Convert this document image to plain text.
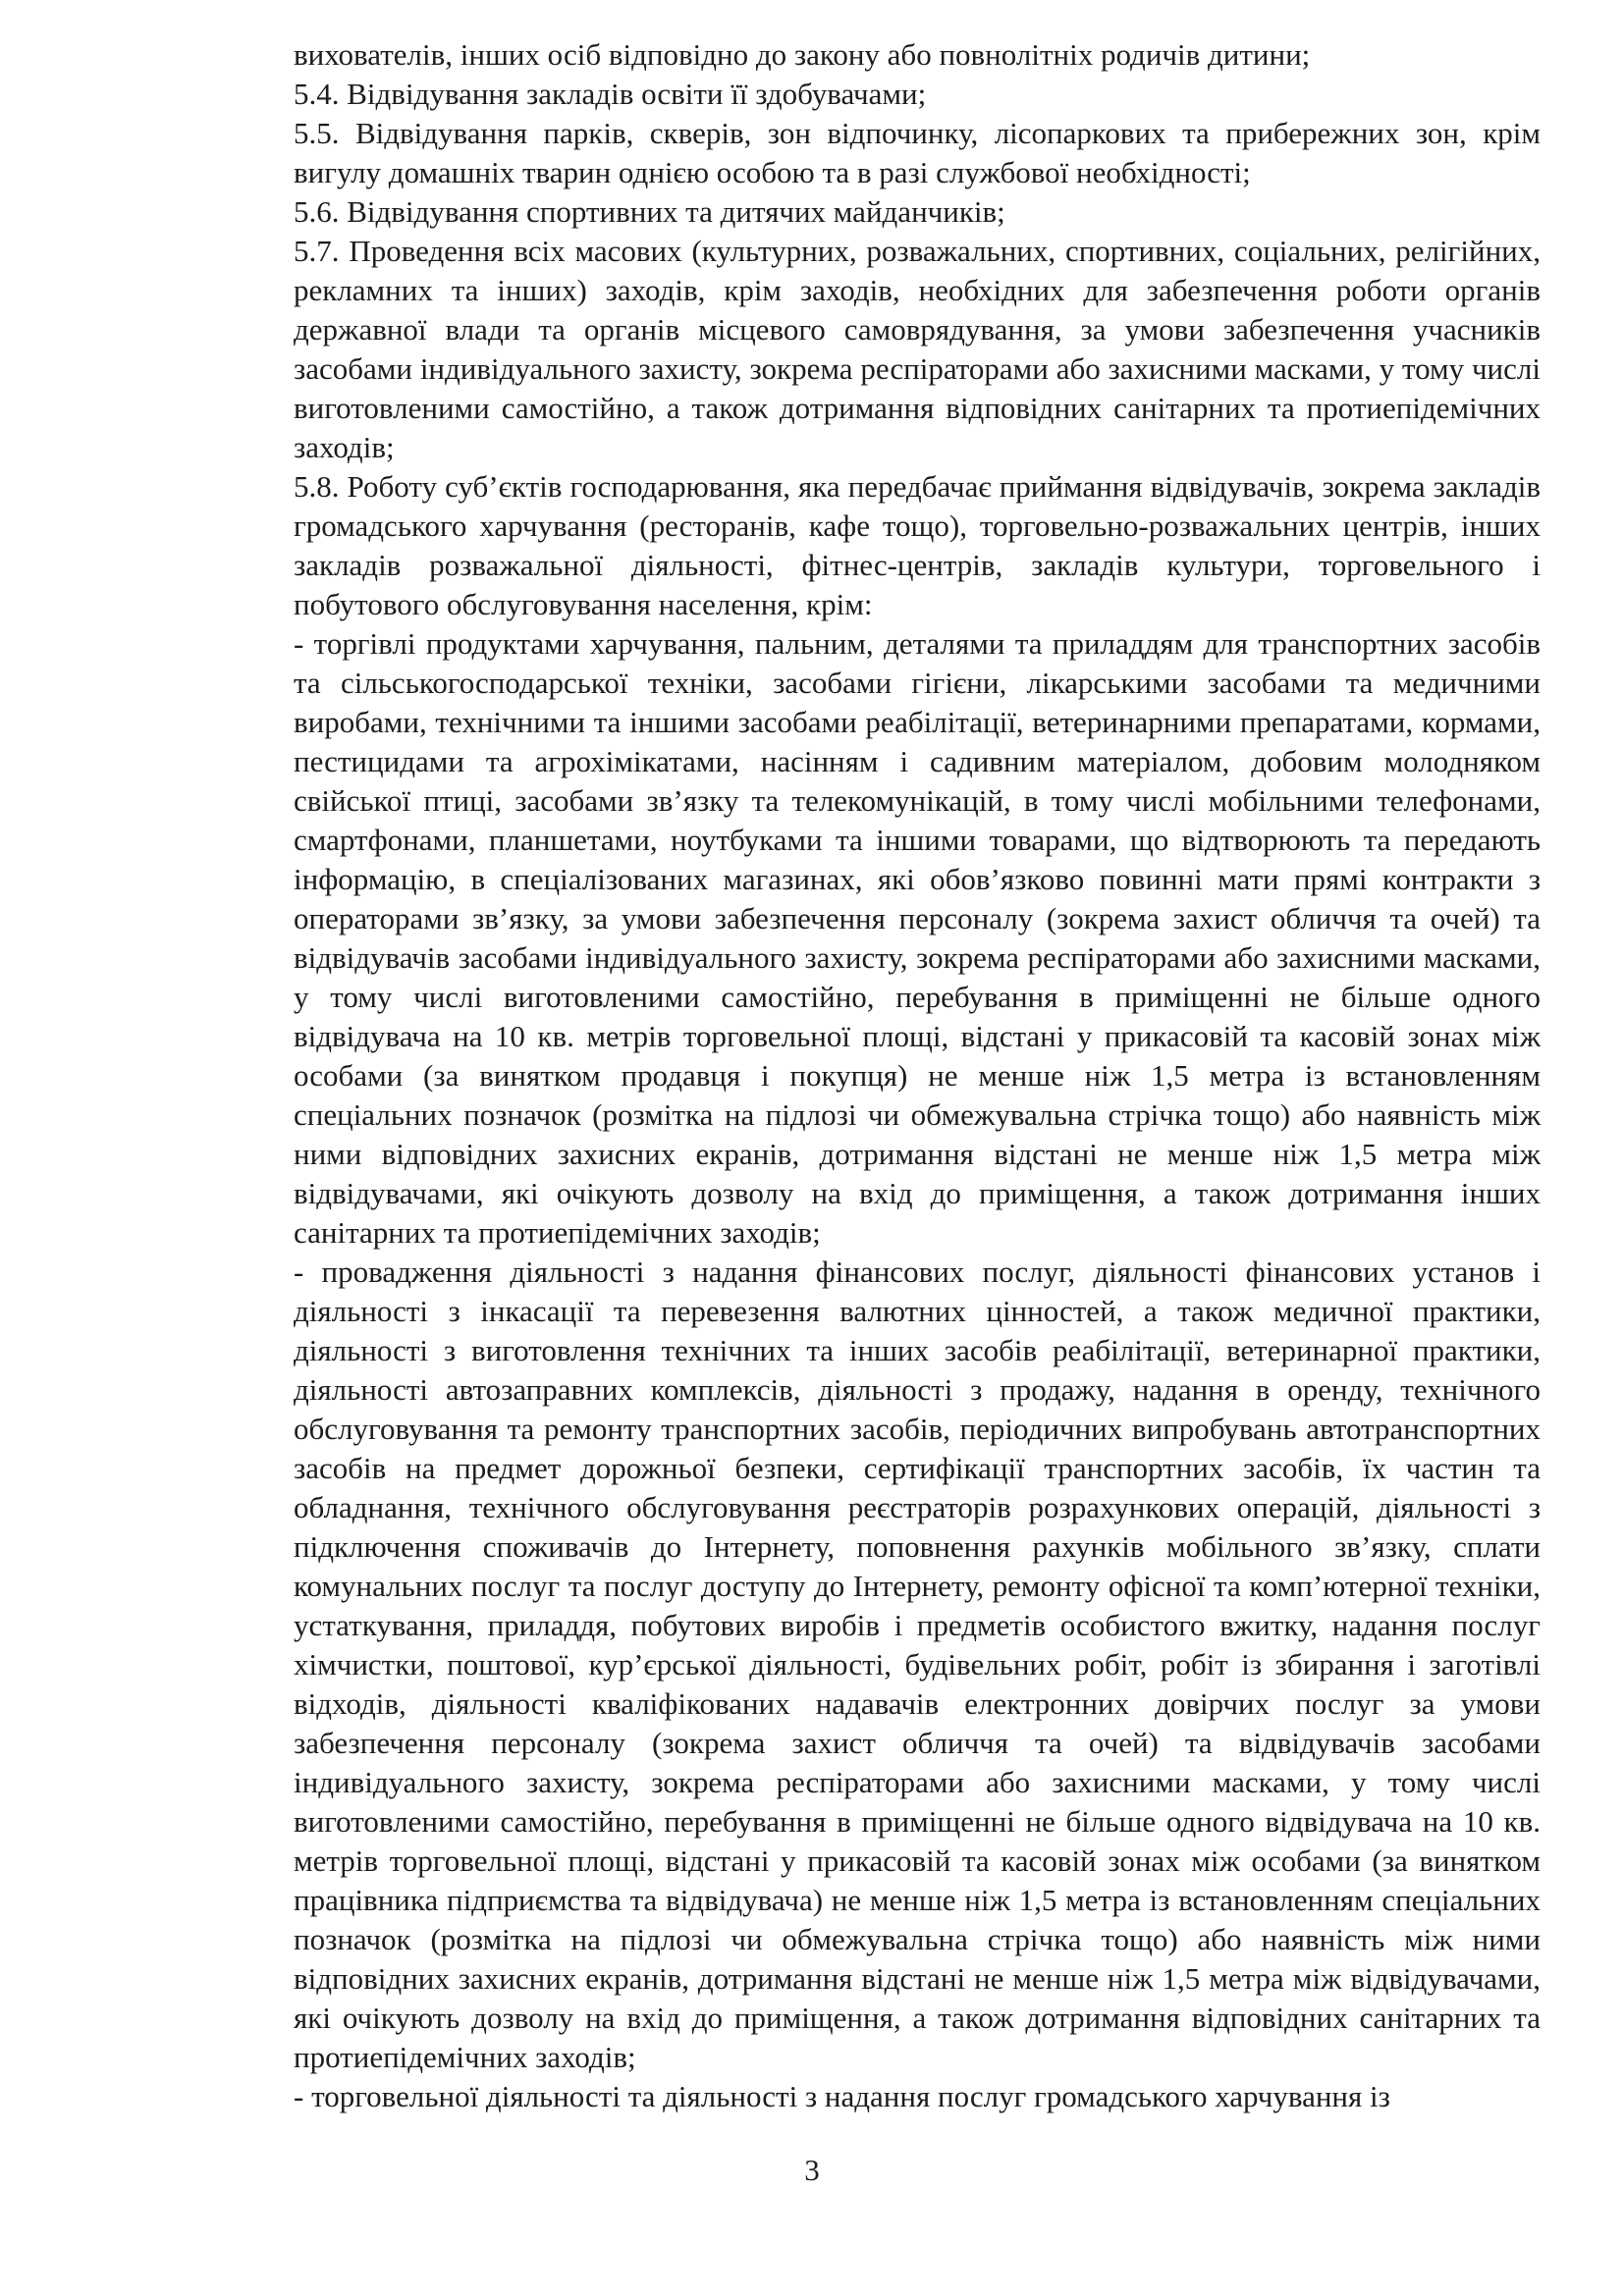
вихователів, інших осіб відповідно до закону або повнолітніх родичів дитини;

5.4. Відвідування закладів освіти її здобувачами;

5.5. Відвідування парків, скверів, зон відпочинку, лісопаркових та прибережних зон, крім вигулу домашніх тварин однією особою та в разі службової необхідності;

5.6. Відвідування спортивних та дитячих майданчиків;

5.7. Проведення всіх масових (культурних, розважальних, спортивних, соціальних, релігійних, рекламних та інших) заходів, крім заходів, необхідних для забезпечення роботи органів державної влади та органів місцевого самоврядування, за умови забезпечення учасників засобами індивідуального захисту, зокрема респіраторами або захисними масками, у тому числі виготовленими самостійно, а також дотримання відповідних санітарних та протиепідемічних заходів;

5.8. Роботу суб’єктів господарювання, яка передбачає приймання відвідувачів, зокрема закладів громадського харчування (ресторанів, кафе тощо), торговельно-розважальних центрів, інших закладів розважальної діяльності, фітнес-центрів, закладів культури, торговельного і побутового обслуговування населення, крім:

- торгівлі продуктами харчування, пальним, деталями та приладдям для транспортних засобів та сільськогосподарської техніки, засобами гігієни, лікарськими засобами та медичними виробами, технічними та іншими засобами реабілітації, ветеринарними препаратами, кормами, пестицидами та агрохімікатами, насінням і садивним матеріалом, добовим молодняком свійської птиці, засобами зв’язку та телекомунікацій, в тому числі мобільними телефонами, смартфонами, планшетами, ноутбуками та іншими товарами, що відтворюють та передають інформацію, в спеціалізованих магазинах, які обов’язково повинні мати прямі контракти з операторами зв’язку, за умови забезпечення персоналу (зокрема захист обличчя та очей) та відвідувачів засобами індивідуального захисту, зокрема респіраторами або захисними масками, у тому числі виготовленими самостійно, перебування в приміщенні не більше одного відвідувача на 10 кв. метрів торговельної площі, відстані у прикасовій та касовій зонах між особами (за винятком продавця і покупця) не менше ніж 1,5 метра із встановленням спеціальних позначок (розмітка на підлозі чи обмежувальна стрічка тощо) або наявність між ними відповідних захисних екранів, дотримання відстані не менше ніж 1,5 метра між відвідувачами, які очікують дозволу на вхід до приміщення, а також дотримання інших санітарних та протиепідемічних заходів;

- провадження діяльності з надання фінансових послуг, діяльності фінансових установ і діяльності з інкасації та перевезення валютних цінностей, а також медичної практики, діяльності з виготовлення технічних та інших засобів реабілітації, ветеринарної практики, діяльності автозаправних комплексів, діяльності з продажу, надання в оренду, технічного обслуговування та ремонту транспортних засобів, періодичних випробувань автотранспортних засобів на предмет дорожньої безпеки, сертифікації транспортних засобів, їх частин та обладнання, технічного обслуговування реєстраторів розрахункових операцій, діяльності з підключення споживачів до Інтернету, поповнення рахунків мобільного зв’язку, сплати комунальних послуг та послуг доступу до Інтернету, ремонту офісної та комп’ютерної техніки, устаткування, приладдя, побутових виробів і предметів особистого вжитку, надання послуг хімчистки, поштової, кур’єрської діяльності, будівельних робіт, робіт із збирання і заготівлі відходів, діяльності кваліфікованих надавачів електронних довірчих послуг за умови забезпечення персоналу (зокрема захист обличчя та очей) та відвідувачів засобами індивідуального захисту, зокрема респіраторами або захисними масками, у тому числі виготовленими самостійно, перебування в приміщенні не більше одного відвідувача на 10 кв. метрів торговельної площі, відстані у прикасовій та касовій зонах між особами (за винятком працівника підприємства та відвідувача) не менше ніж 1,5 метра із встановленням спеціальних позначок (розмітка на підлозі чи обмежувальна стрічка тощо) або наявність між ними відповідних захисних екранів, дотримання відстані не менше ніж 1,5 метра між відвідувачами, які очікують дозволу на вхід до приміщення, а також дотримання відповідних санітарних та протиепідемічних заходів;

- торговельної діяльності та діяльності з надання послуг громадського харчування із

3
